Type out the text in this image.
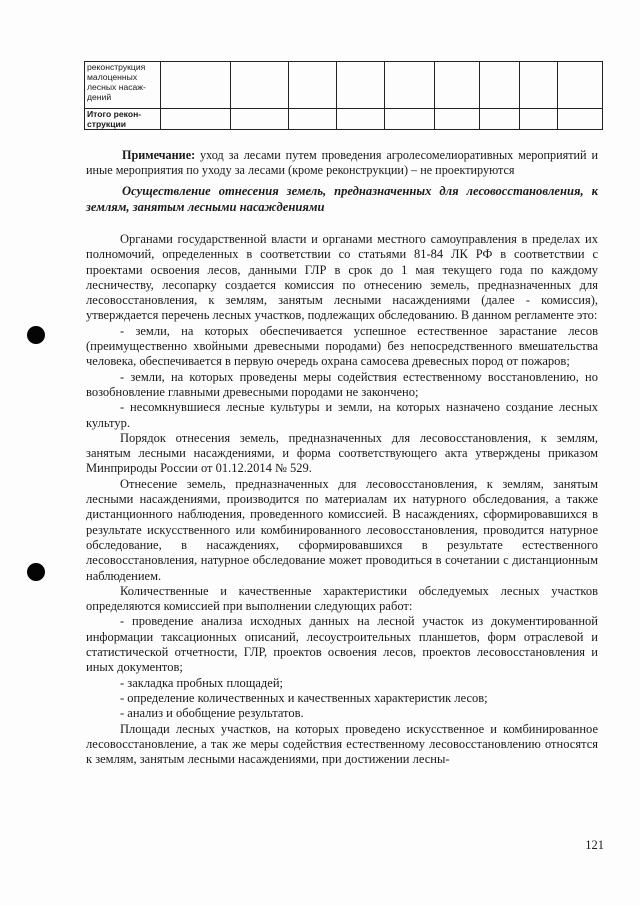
реконструкция малоценных лесных насаж- дений									
Итого рекон- струкции									
Примечание: уход за лесами путем проведения агролесомелиоративных мероприятий и иные мероприятия по уходу за лесами (кроме реконструкции) – не проектируются
Осуществление отнесения земель, предназначенных для лесовосстановления, к землям, занятым лесными насаждениями

Органами государственной власти и органами местного самоуправления в пределах их полномочий, определенных в соответствии со статьями 81-84 ЛК РФ в соответствии с проектами освоения лесов, данными ГЛР в срок до 1 мая текущего года по каждому лесничеству, лесопарку создается комиссия по отнесению земель, предназначенных для лесовосстановления, к землям, занятым лесными насаждениями (далее - комиссия), утверждается перечень лесных участков, подлежащих обследованию. В данном регламенте это:

- земли, на которых обеспечивается успешное естественное зарастание лесов (преимущественно хвойными древесными породами) без непосредственного вмешательства человека, обеспечивается в первую очередь охрана самосева древесных пород от пожаров;

- земли, на которых проведены меры содействия естественному восстановлению, но возобновление главными древесными породами не закончено;

- несомкнувшиеся лесные культуры и земли, на которых назначено создание лесных культур.

Порядок отнесения земель, предназначенных для лесовосстановления, к землям, занятым лесными насаждениями, и форма соответствующего акта утверждены приказом Минприроды России от 01.12.2014 № 529.

Отнесение земель, предназначенных для лесовосстановления, к землям, занятым лесными насаждениями, производится по материалам их натурного обследования, а также дистанционного наблюдения, проведенного комиссией. В насаждениях, сформировавшихся в результате искусственного или комбинированного лесовосстановления, проводится натурное обследование, в насаждениях, сформировавшихся в результате естественного лесовосстановления, натурное обследование может проводиться в сочетании с дистанционным наблюдением.

Количественные и качественные характеристики обследуемых лесных участков определяются комиссией при выполнении следующих работ:

- проведение анализа исходных данных на лесной участок из документированной информации таксационных описаний, лесоустроительных планшетов, форм отраслевой и статистической отчетности, ГЛР, проектов освоения лесов, проектов лесовосстановления и иных документов;

- закладка пробных площадей;

- определение количественных и качественных характеристик лесов;

- анализ и обобщение результатов.

Площади лесных участков, на которых проведено искусственное и комбинированное лесовосстановление, а так же меры содействия естественному лесовосстановлению относятся к землям, занятым лесными насаждениями, при достижении лесны-

121
